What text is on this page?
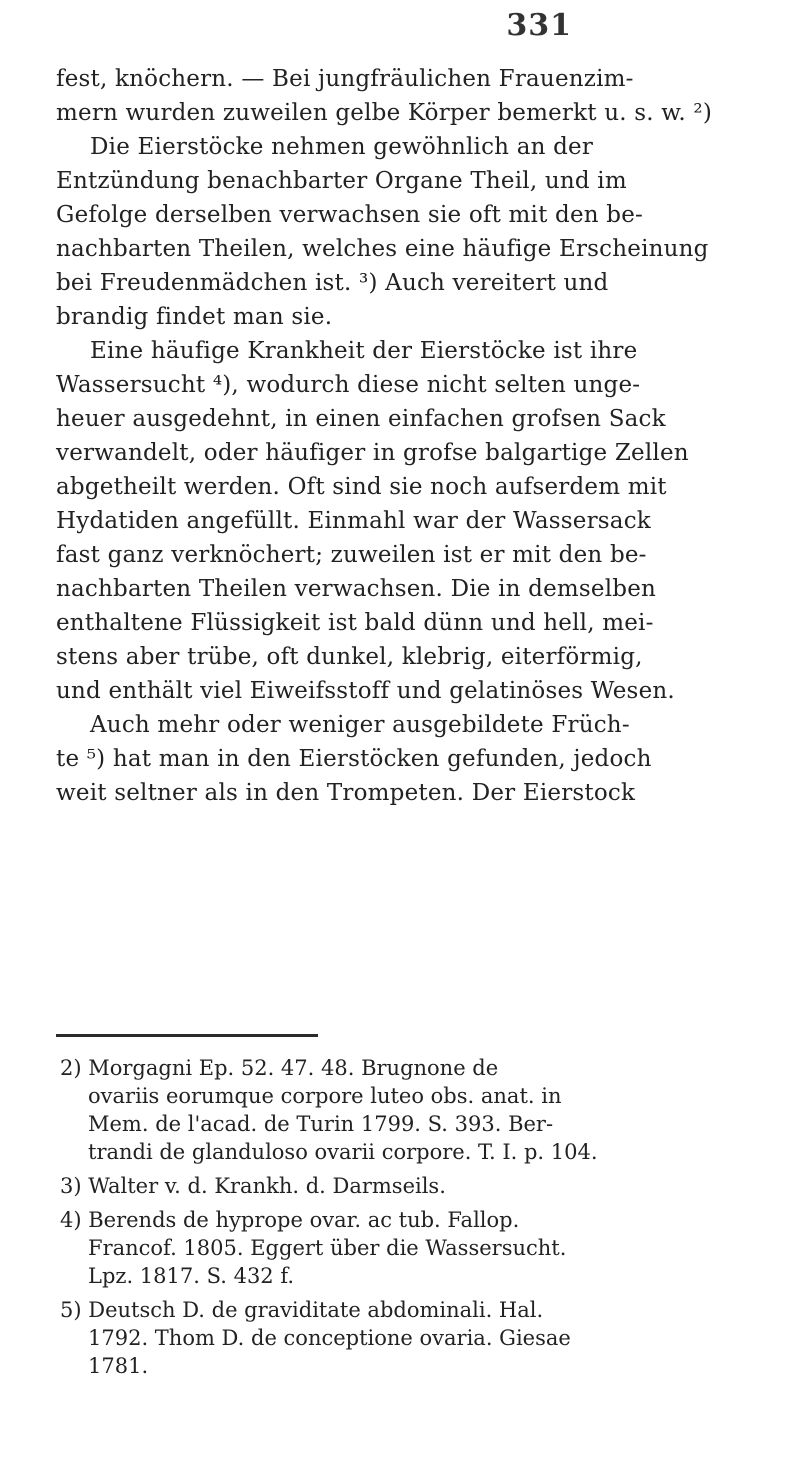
331
fest, knöchern. — Bei jungfräulichen Frauenzim-
mern wurden zuweilen gelbe Körper bemerkt u. s. w. ²)
Die Eierstöcke nehmen gewöhnlich an der
Entzündung benachbarter Organe Theil, und im
Gefolge derselben verwachsen sie oft mit den be-
nachbarten Theilen, welches eine häufige Erscheinung
bei Freudenmädchen ist. ³) Auch vereitert und
brandig findet man sie.
Eine häufige Krankheit der Eierstöcke ist ihre
Wassersucht ⁴), wodurch diese nicht selten unge-
heuer ausgedehnt, in einen einfachen grofsen Sack
verwandelt, oder häufiger in grofse balgartige Zellen
abgetheilt werden. Oft sind sie noch aufserdem mit
Hydatiden angefüllt. Einmahl war der Wassersack
fast ganz verknöchert; zuweilen ist er mit den be-
nachbarten Theilen verwachsen. Die in demselben
enthaltene Flüssigkeit ist bald dünn und hell, mei-
stens aber trübe, oft dunkel, klebrig, eiterförmig,
und enthält viel Eiweifsstoff und gelatinöses Wesen.
Auch mehr oder weniger ausgebildete Früch-
te ⁵) hat man in den Eierstöcken gefunden, jedoch
weit seltner als in den Trompeten. Der Eierstock
2) Morgagni Ep. 52. 47. 48. Brugnone de
ovariis eorumque corpore luteo obs. anat. in
Mem. de l'acad. de Turin 1799. S. 393. Ber-
trandi de glanduloso ovarii corpore. T. I. p. 104.
3) Walter v. d. Krankh. d. Darmseils.
4) Berends de hyprope ovar. ac tub. Fallop.
Francof. 1805. Eggert über die Wassersucht.
Lpz. 1817. S. 432 f.
5) Deutsch D. de graviditate abdominali. Hal.
1792. Thom D. de conceptione ovaria. Giesae
1781.
